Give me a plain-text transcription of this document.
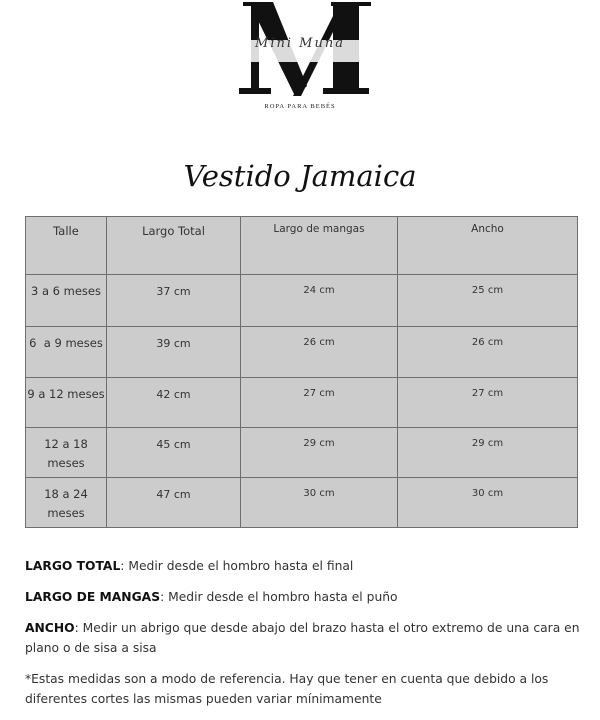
Mini Muna
ROPA PARA BEBÉS
Vestido Jamaica
Talle	Largo Total	Largo de mangas	Ancho
3 a 6 meses	37 cm	24 cm	25 cm
6  a 9 meses	39 cm	26 cm	26 cm
9 a 12 meses	42 cm	27 cm	27 cm
12 a 18 meses	45 cm	29 cm	29 cm
18 a 24 meses	47 cm	30 cm	30 cm

LARGO TOTAL: Medir desde el hombro hasta el final

LARGO DE MANGAS: Medir desde el hombro hasta el puño

ANCHO: Medir un abrigo que desde abajo del brazo hasta el otro extremo de una cara en plano o de sisa a sisa

*Estas medidas son a modo de referencia. Hay que tener en cuenta que debido a los diferentes cortes las mismas pueden variar mínimamente
